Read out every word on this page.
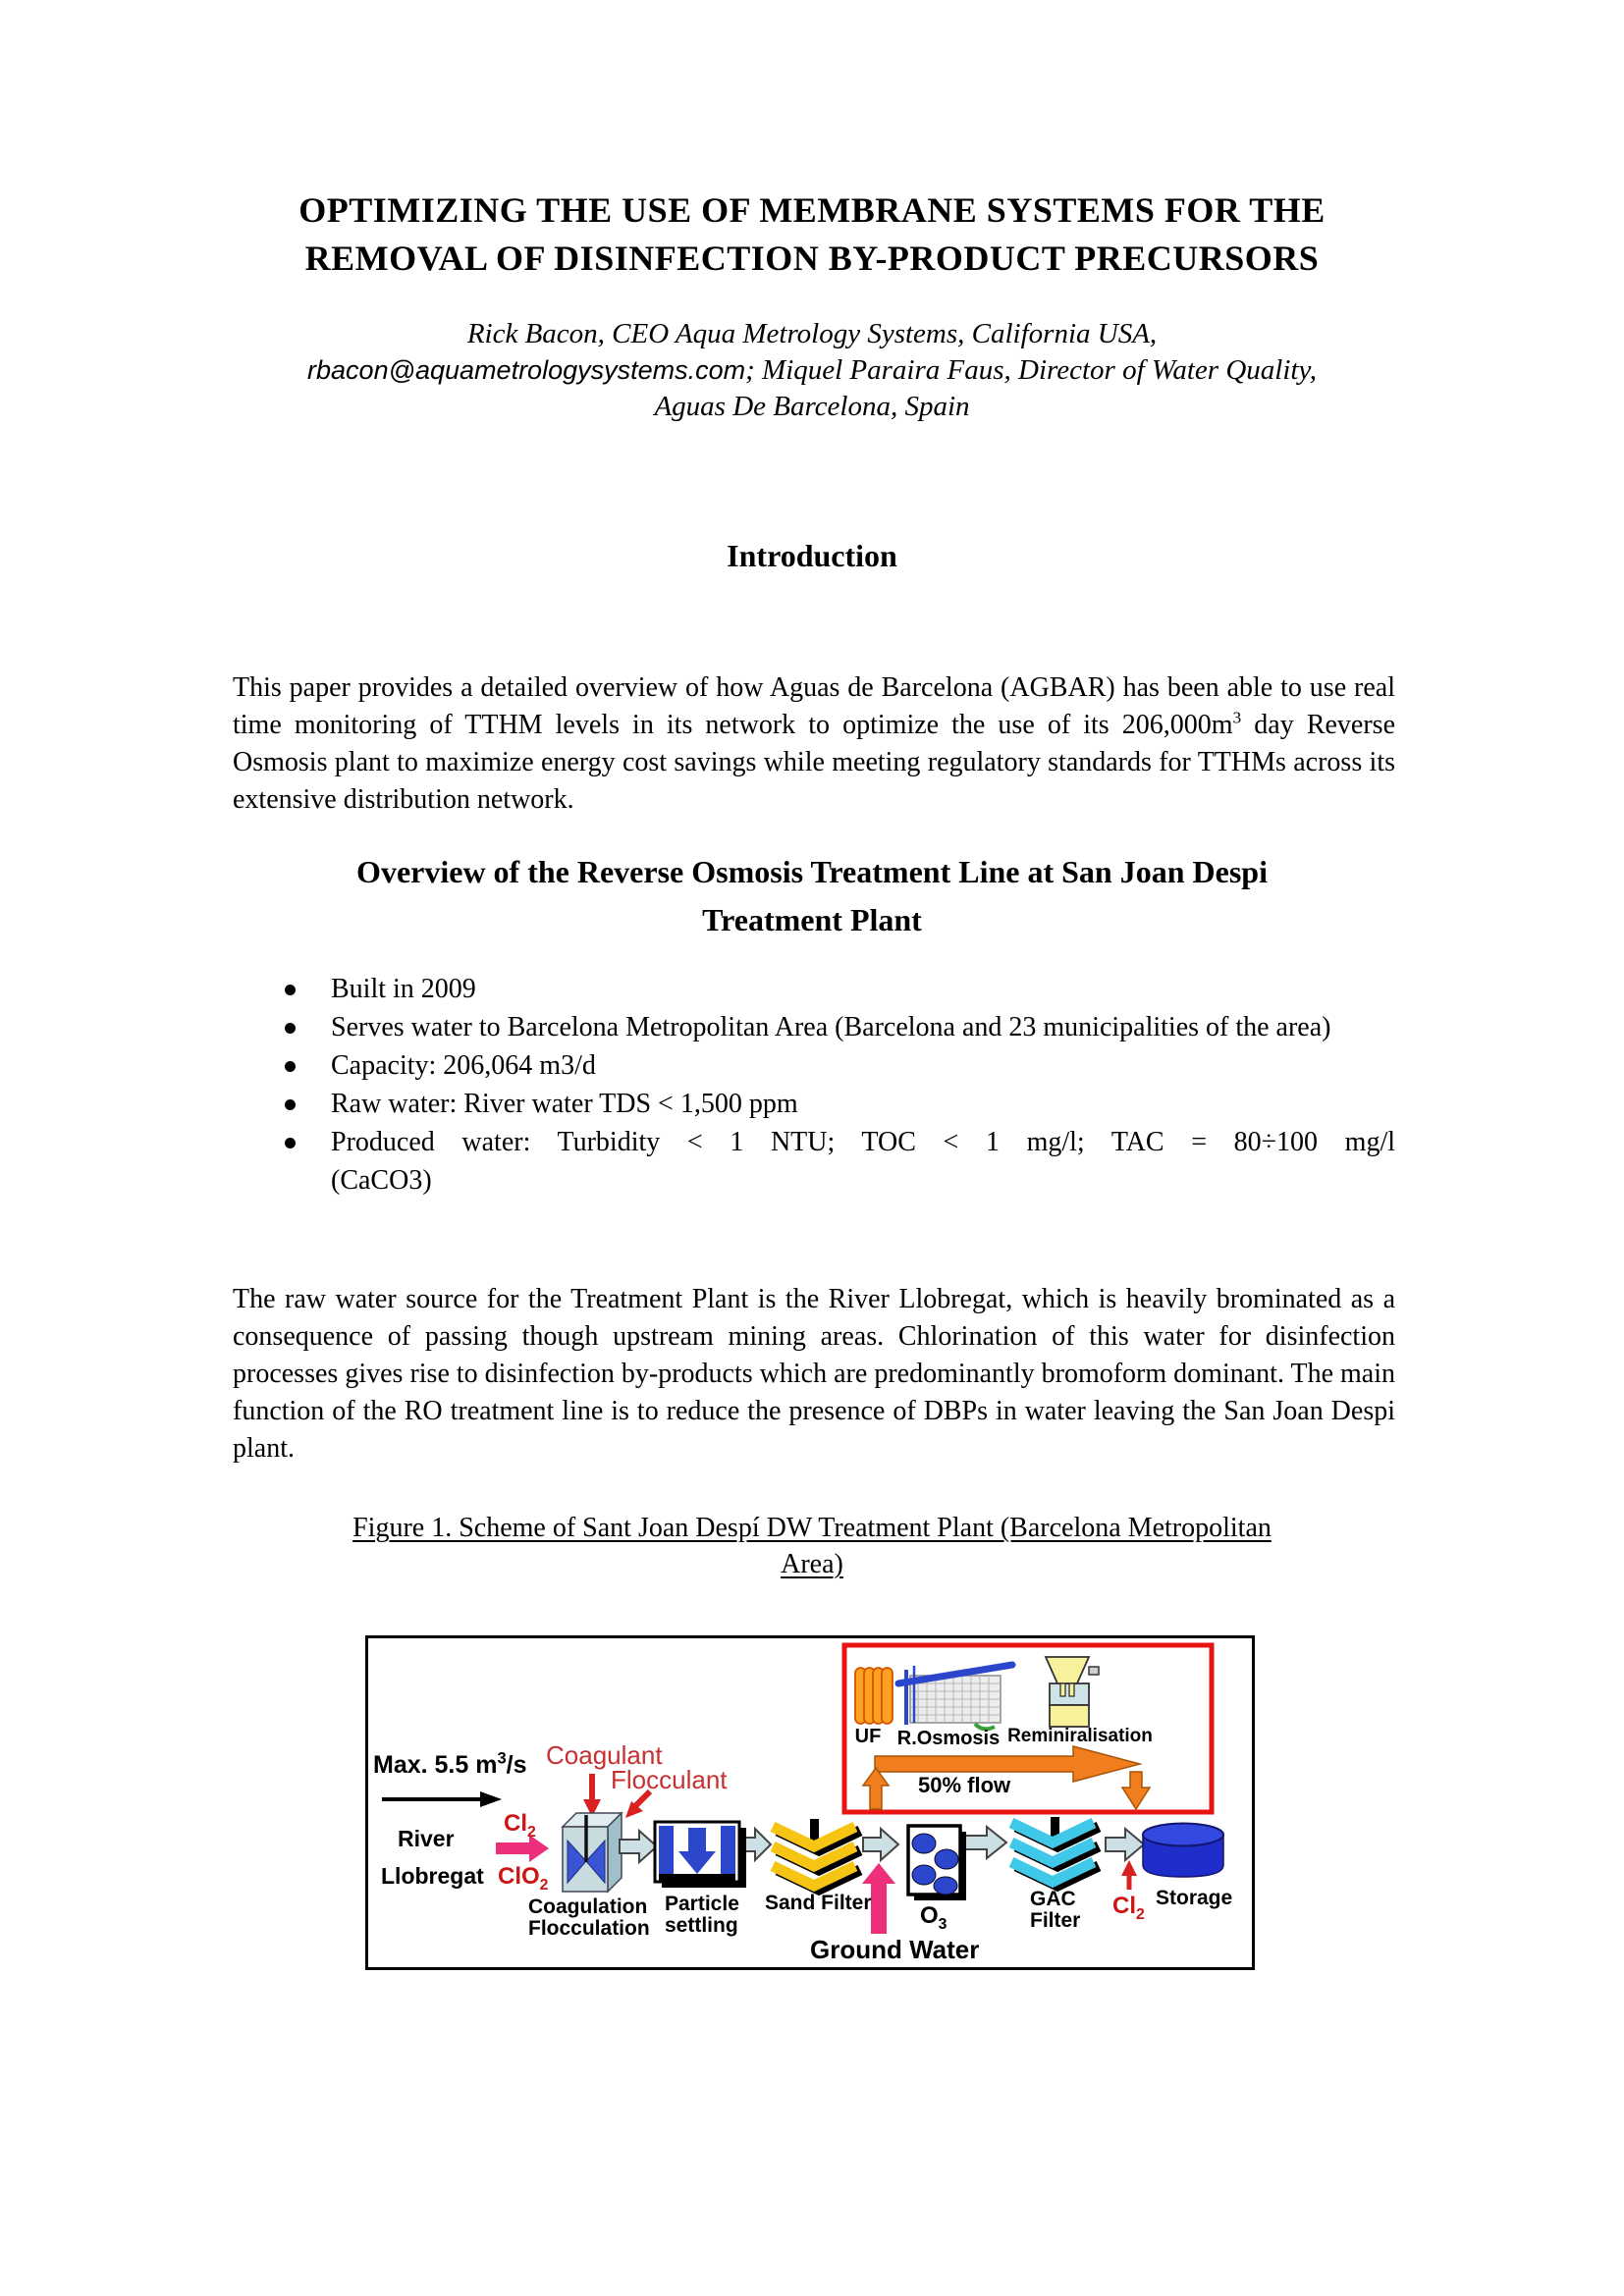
OPTIMIZING THE USE OF MEMBRANE SYSTEMS FOR THE
REMOVAL OF DISINFECTION BY-PRODUCT PRECURSORS
Rick Bacon, CEO Aqua Metrology Systems, California USA,
rbacon@aquametrologysystems.com; Miquel Paraira Faus, Director of Water Quality,
Aguas De Barcelona, Spain
Introduction
This paper provides a detailed overview of how Aguas de Barcelona (AGBAR) has been able to use real time monitoring of TTHM levels in its network to optimize the use of its $206,000m^3$ day Reverse Osmosis plant to maximize energy cost savings while meeting regulatory standards for TTHMs across its extensive distribution network.
Overview of the Reverse Osmosis Treatment Line at San Joan Despi
Treatment Plant
Built in 2009
Serves water to Barcelona Metropolitan Area (Barcelona and 23 municipalities of the area)
Capacity: 206,064 m3/d
Raw water: River water TDS < 1,500 ppm
Produced water: Turbidity < 1 NTU; TOC < 1 mg/l; TAC = 80÷100 mg/l
(CaCO3)
The raw water source for the Treatment Plant is the River Llobregat, which is heavily brominated as a consequence of passing though upstream mining areas. Chlorination of this water for disinfection processes gives rise to disinfection by-products which are predominantly bromoform dominant. The main function of the RO treatment line is to reduce the presence of DBPs in water leaving the San Joan Despi plant.
Figure 1. Scheme of Sant Joan Despí DW Treatment Plant (Barcelona Metropolitan
Area)
Max. 5.5 $m^3/s$
River
Llobregat
$Cl_2$
ClO$_2$
Coagulant
Flocculant
Coagulation
Flocculation
Particle
settling
Sand Filter
Ground Water
$O_3$
GAC
Filter
$Cl_2$
Storage
UF R.Osmosis Reminiralisation
50% flow
